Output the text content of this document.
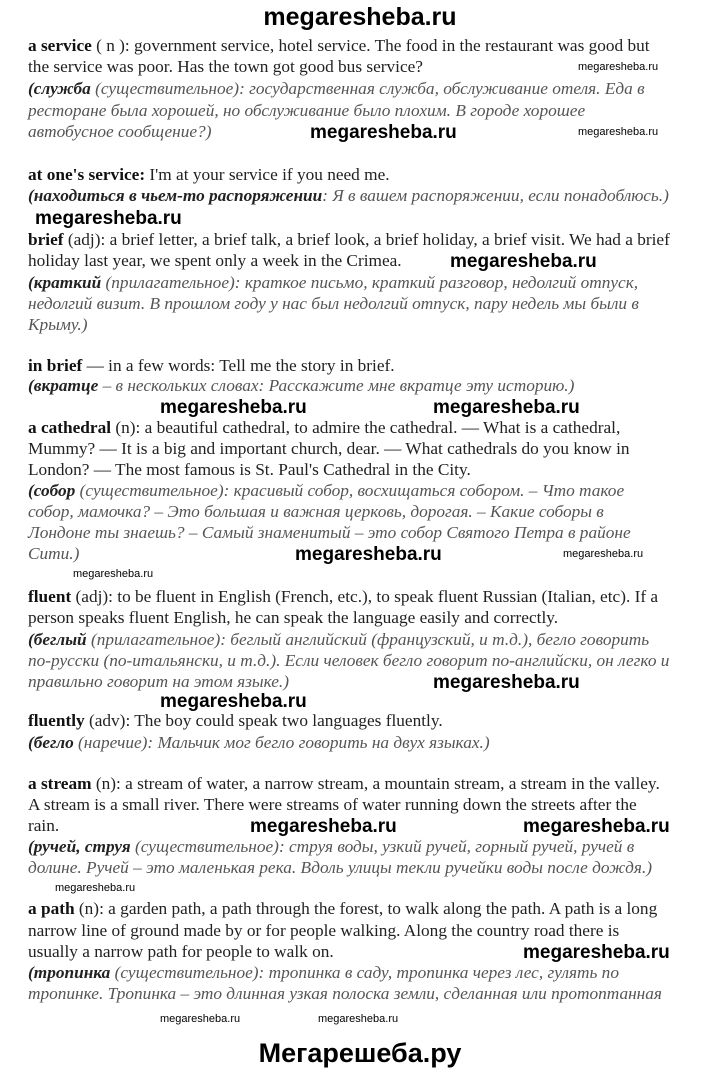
megaresheba.ru
Мегарешеба.ру
a service ( n ): government service, hotel service. The food in the restaurant was good but
the service was poor. Has the town got good bus service?
(служба (существительное): государственная служба, обслуживание отеля. Еда в
ресторане была хорошей, но обслуживание было плохим. В городе хорошее
автобусное сообщение?)
at one's service: I'm at your service if you need me.
(находиться в чьем-то распоряжении: Я в вашем распоряжении, если понадоблюсь.)
brief (adj): a brief letter, a brief talk, a brief look, a brief holiday, a brief visit. We had a brief
holiday last year, we spent only a week in the Crimea.
(краткий (прилагательное): краткое письмо, краткий разговор, недолгий отпуск,
недолгий визит. В прошлом году у нас был недолгий отпуск, пару недель мы были в
Крыму.)
in brief — in a few words: Tell me the story in brief.
(вкратце – в нескольких словах: Расскажите мне вкратце эту историю.)
a cathedral (n): a beautiful cathedral, to admire the cathedral. — What is a cathedral,
Mummy? — It is a big and important church, dear. — What cathedrals do you know in
London? — The most famous is St. Paul's Cathedral in the City.
(собор (существительное): красивый собор, восхищаться собором. – Что такое
собор, мамочка? – Это большая и важная церковь, дорогая. – Какие соборы в
Лондоне ты знаешь? – Самый знаменитый – это собор Святого Петра в районе
Сити.)
fluent (adj): to be fluent in English (French, etc.), to speak fluent Russian (Italian, etc). If a
person speaks fluent English, he can speak the language easily and correctly.
(беглый (прилагательное): беглый английский (французский, и т.д.), бегло говорить
по-русски (по-итальянски, и т.д.). Если человек бегло говорит по-английски, он легко и
правильно говорит на этом языке.)
fluently (adv): The boy could speak two languages fluently.
(бегло (наречие): Мальчик мог бегло говорить на двух языках.)
a stream (n): a stream of water, a narrow stream, a mountain stream, a stream in the valley.
A stream is a small river. There were streams of water running down the streets after the
rain.
(ручей, струя (существительное): струя воды, узкий ручей, горный ручей, ручей в
долине. Ручей – это маленькая река. Вдоль улицы текли ручейки воды после дождя.)
a path (n): a garden path, a path through the forest, to walk along the path. A path is a long
narrow line of ground made by or for people walking. Along the country road there is
usually a narrow path for people to walk on.
(тропинка (существительное): тропинка в саду, тропинка через лес, гулять по
тропинке. Тропинка – это длинная узкая полоска земли, сделанная или протоптанная
megaresheba.ru
megaresheba.ru	megaresheba.ru
megaresheba.ru
megaresheba.ru
megaresheba.ru	megaresheba.ru
megaresheba.ru	megaresheba.ru
megaresheba.ru
megaresheba.ru
megaresheba.ru
megaresheba.ru
megaresheba.ru
megaresheba.ru
megaresheba.ru
megaresheba.ru	megaresheba.ru
